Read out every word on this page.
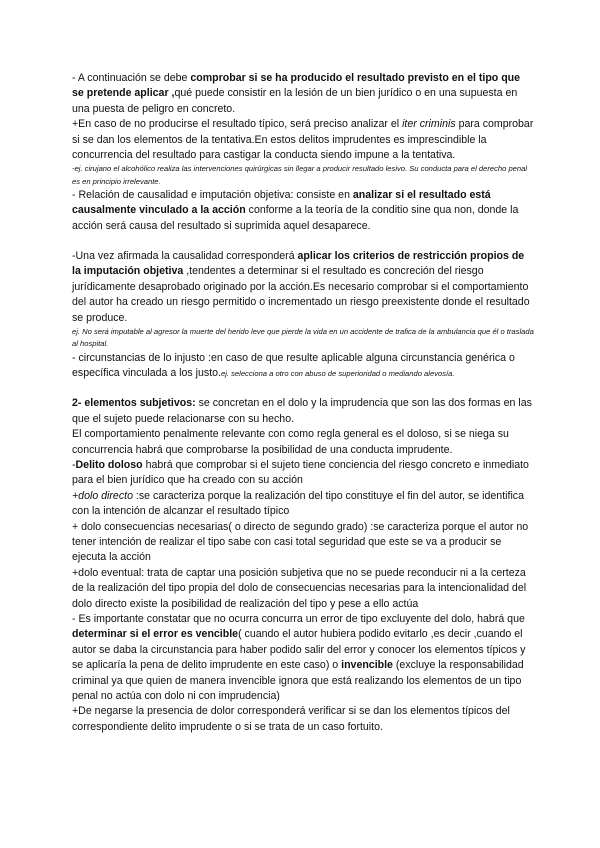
- A continuación se debe comprobar si se ha producido el resultado previsto en el tipo que se pretende aplicar ,qué puede consistir en la lesión de un bien jurídico o en una supuesta en una puesta de peligro en concreto.

+En caso de no producirse el resultado típico, será preciso analizar el iter criminis para comprobar si se dan los elementos de la tentativa.En estos delitos imprudentes es imprescindible la concurrencia del resultado para castigar la conducta siendo impune a la tentativa.

-ej. cirujano el alcohólico realiza las intervenciones quirúrgicas sin llegar a producir resultado lesivo. Su conducta para el derecho penal es en principio irrelevante.

- Relación de causalidad e imputación objetiva: consiste en analizar si el resultado está causalmente vinculado a la acción conforme a la teoría de la conditio sine qua non, donde la acción será causa del resultado si suprimida aquel desaparece.

-Una vez afirmada la causalidad corresponderá aplicar los criterios de restricción propios de la imputación objetiva ,tendentes a determinar si el resultado es concreción del riesgo jurídicamente desaprobado originado por la acción.Es necesario comprobar si el comportamiento del autor ha creado un riesgo permitido o incrementado un riesgo preexistente donde el resultado se produce.

ej. No será imputable al agresor la muerte del herido leve que pierde la vida en un accidente de trafica de la ambulancia que él o traslada al hospital.

- circunstancias de lo injusto :en caso de que resulte aplicable alguna circunstancia genérica o específica vinculada a los justo.ej. selecciona a otro con abuso de superioridad o mediando alevosía.

2- elementos subjetivos: se concretan en el dolo y la imprudencia que son las dos formas en las que el sujeto puede relacionarse con su hecho.

El comportamiento penalmente relevante con como regla general es el doloso, si se niega su concurrencia habrá que comprobarse la posibilidad de una conducta imprudente.

-Delito doloso habrá que comprobar si el sujeto tiene conciencia del riesgo concreto e inmediato para el bien jurídico que ha creado con su acción

+dolo directo :se caracteriza porque la realización del tipo constituye el fin del autor, se identifica con la intención de alcanzar el resultado típico

+ dolo consecuencias necesarias( o directo de segundo grado) :se caracteriza porque el autor no tener intención de realizar el tipo sabe con casi total seguridad que este se va a producir se ejecuta la acción

+dolo eventual: trata de captar una posición subjetiva que no se puede reconducir ni a la certeza de la realización del tipo propia del dolo de consecuencias necesarias para la intencionalidad del dolo directo existe la posibilidad de realización del tipo y pese a ello actúa

- Es importante constatar que no ocurra concurra un error de tipo excluyente del dolo, habrá que determinar si el error es vencible( cuando el autor hubiera podido evitarlo ,es decir ,cuando el autor se daba la circunstancia para haber podido salir del error y conocer los elementos típicos y se aplicaría la pena de delito imprudente en este caso) o invencible (excluye la responsabilidad criminal ya que quien de manera invencible ignora que está realizando los elementos de un tipo penal no actúa con dolo ni con imprudencia)

+De negarse la presencia de dolor corresponderá verificar si se dan los elementos típicos del correspondiente delito imprudente o si se trata de un caso fortuito.
